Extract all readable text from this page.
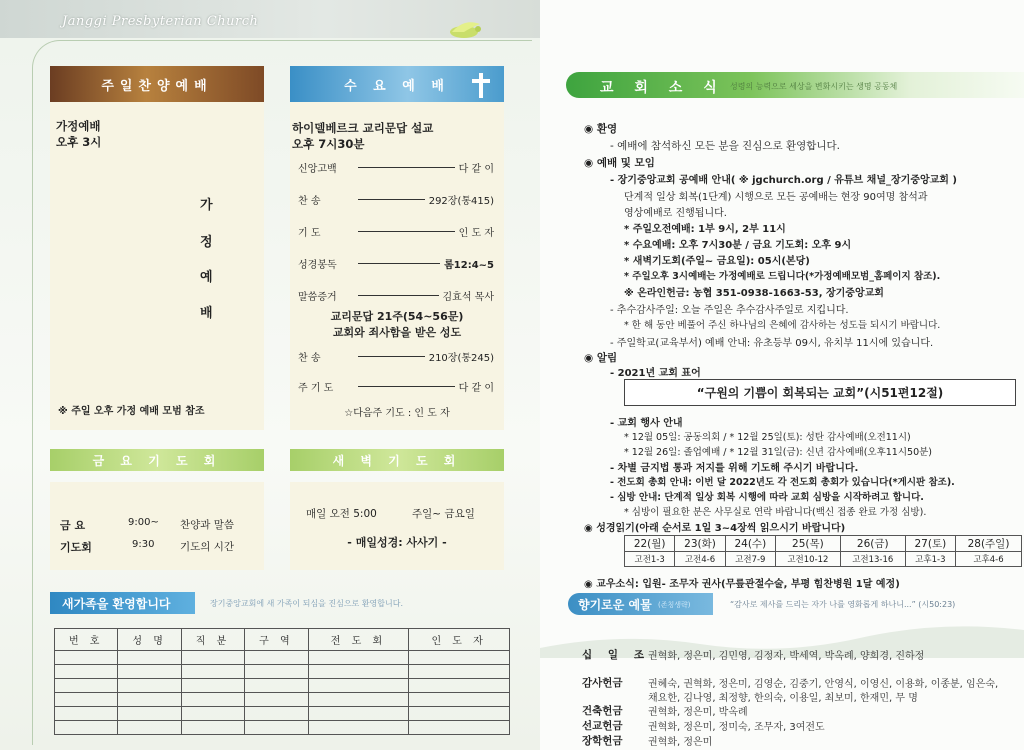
Janggi Presbyterian Church
주일찬양예배
가정예배
오후 3시
가
정
예
배
※ 주일 오후 가정 예배 모범 참조
수 요 예 배
하이델베르크 교리문답 설교
오후 7시30분
신앙고백	다 같 이
찬 송	292장(통415)
기 도	인 도 자
성경봉독	롬12:4~5
말씀증거	김효석 목사
교리문답 21주(54~56문)
교회와 죄사함을 받은 성도
찬 송	210장(통245)
주 기 도	다 같 이
☆다음주 기도 : 인 도 자
금 요 기 도 회
금 요	9:00~ 찬양과 말씀
기도회	9:30 기도의 시간
새 벽 기 도 회
매일 오전 5:00	주일~ 금요일
- 매일성경: 사사기 -
새가족을 환영합니다	장기중앙교회에 새 가족이 되심을 진심으로 환영합니다.
번 호	성 명	직 분	구 역	전 도 회	인 도 자

교 회 소 식 성령의 능력으로 세상을 변화시키는 생명 공동체
◉ 환영
- 예배에 참석하신 모든 분을 진심으로 환영합니다.
◉ 예배 및 모임
- 장기중앙교회 공예배 안내( ※ jgchurch.org / 유튜브 채널_장기중앙교회 )
단계적 일상 회복(1단계) 시행으로 모든 공예배는 현장 90여명 참석과
영상예배로 진행됩니다.
* 주일오전예배: 1부 9시, 2부 11시
* 수요예배: 오후 7시30분 / 금요 기도회: 오후 9시
* 새벽기도회(주일~ 금요일): 05시(본당)
* 주일오후 3시예배는 가정예배로 드립니다(*가정예배모범_홈페이지 참조).
※ 온라인헌금: 농협 351-0938-1663-53, 장기중앙교회
- 추수감사주일: 오늘 주일은 추수감사주일로 지킵니다.
* 한 해 동안 베풀어 주신 하나님의 은혜에 감사하는 성도들 되시기 바랍니다.
- 주일학교(교육부서) 예배 안내: 유초등부 09시, 유치부 11시에 있습니다.
◉ 알림
- 2021년 교회 표어
“구원의 기쁨이 회복되는 교회”(시51편12절)
- 교회 행사 안내
* 12월 05일: 공동의회 / * 12월 25일(토): 성탄 감사예배(오전11시)
* 12월 26일: 졸업예배 / * 12월 31일(금): 신년 감사예배(오후11시50분)
- 차별 금지법 통과 저지를 위해 기도해 주시기 바랍니다.
- 전도회 총회 안내: 이번 달 2022년도 각 전도회 총회가 있습니다(*게시판 참조).
- 심방 안내: 단계적 일상 회복 시행에 따라 교회 심방을 시작하려고 합니다.
* 심방이 필요한 분은 사무실로 연락 바랍니다(백신 접종 완료 가정 심방).
◉ 성경읽기(아래 순서로 1일 3~4장씩 읽으시기 바랍니다)
22(월)	23(화)	24(수)	25(목)	26(금)	27(토)	28(주일)
고전1-3	고전4-6	고전7-9	고전10-12	고전13-16	고후1-3	고후4-6
◉ 교우소식: 입원- 조무자 권사(무릎관절수술, 부평 힘찬병원 1달 예정)
향기로운 예물 (존칭생략)	“감사로 제사를 드리는 자가 나를 영화롭게 하나니...” (시50:23)
십 일 조 권혁화, 정은미, 김민영, 김정자, 박세역, 박옥례, 양희경, 진하정
감사헌금	권혜숙, 권혁화, 정은미, 김영순, 김중기, 안영식, 이영신, 이용화, 이종분, 임은숙,
채요한, 김나영, 최정향, 한의숙, 이용일, 최보미, 한재민, 무 명
건축헌금	권혁화, 정은미, 박옥례
선교헌금	권혁화, 정은미, 정미숙, 조무자, 3여전도
장학헌금	권혁화, 정은미
